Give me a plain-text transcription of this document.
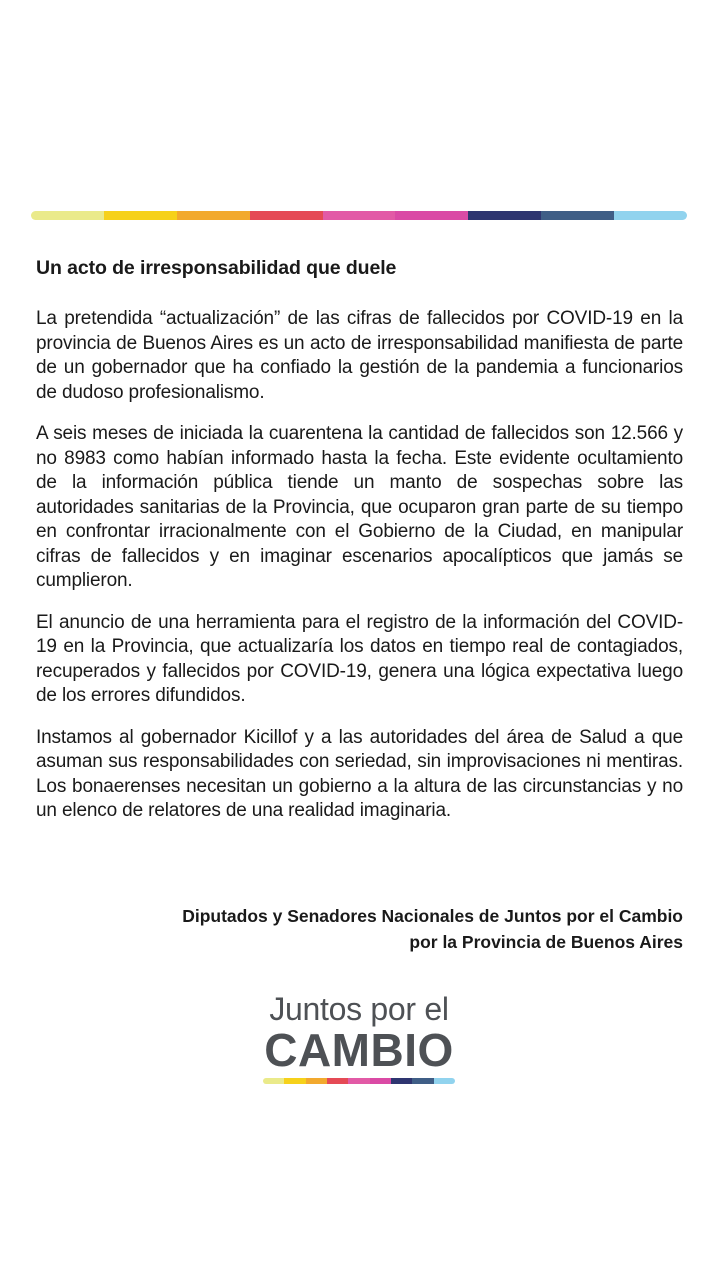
Un acto de irresponsabilidad que duele

La pretendida “actualización” de las cifras de fallecidos por COVID-19 en la provincia de Buenos Aires es un acto de irresponsabilidad manifiesta de parte de un gobernador que ha confiado la gestión de la pandemia a funcionarios de dudoso profesionalismo.

A seis meses de iniciada la cuarentena la cantidad de fallecidos son 12.566 y no 8983 como habían informado hasta la fecha. Este evidente ocultamiento de la información pública tiende un manto de sospechas sobre las autoridades sanitarias de la Provincia, que ocuparon gran parte de su tiempo en confrontar irracionalmente con el Gobierno de la Ciudad, en manipular cifras de fallecidos y en imaginar escenarios apocalípticos que jamás se cumplieron.

El anuncio de una herramienta para el registro de la información del COVID-19 en la Provincia, que actualizaría los datos en tiempo real de contagiados, recuperados y fallecidos por COVID-19, genera una lógica expectativa luego de los errores difundidos.

Instamos al gobernador Kicillof y a las autoridades del área de Salud a que asuman sus responsabilidades con seriedad, sin improvisaciones ni mentiras. Los bonaerenses necesitan un gobierno a la altura de las circunstancias y no un elenco de relatores de una realidad imaginaria.

Diputados y Senadores Nacionales de Juntos por el Cambio
por la Provincia de Buenos Aires
Juntos por el
CAMBIO
